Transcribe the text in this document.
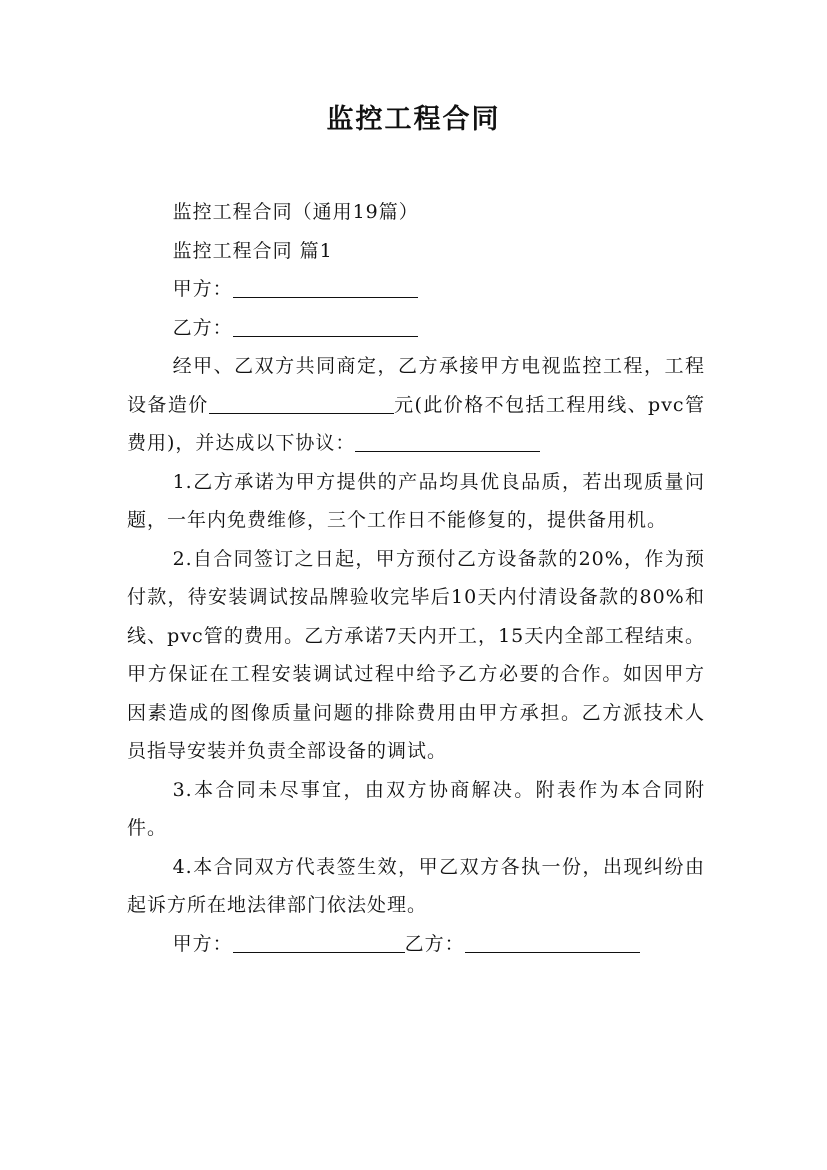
监控工程合同

监控工程合同（通用19篇）

监控工程合同 篇1

甲方：

乙方：

经甲、乙双方共同商定，乙方承接甲方电视监控工程，工程设备造价	元(此价格不包括工程用线、pvc管费用)，并达成以下协议：

1.乙方承诺为甲方提供的产品均具优良品质，若出现质量问题，一年内免费维修，三个工作日不能修复的，提供备用机。

2.自合同签订之日起，甲方预付乙方设备款的20%，作为预付款，待安装调试按品牌验收完毕后10天内付清设备款的80%和线、pvc管的费用。乙方承诺7天内开工，15天内全部工程结束。甲方保证在工程安装调试过程中给予乙方必要的合作。如因甲方因素造成的图像质量问题的排除费用由甲方承担。乙方派技术人员指导安装并负责全部设备的调试。

3.本合同未尽事宜，由双方协商解决。附表作为本合同附件。

4.本合同双方代表签生效，甲乙双方各执一份，出现纠纷由起诉方所在地法律部门依法处理。

甲方：	乙方：
